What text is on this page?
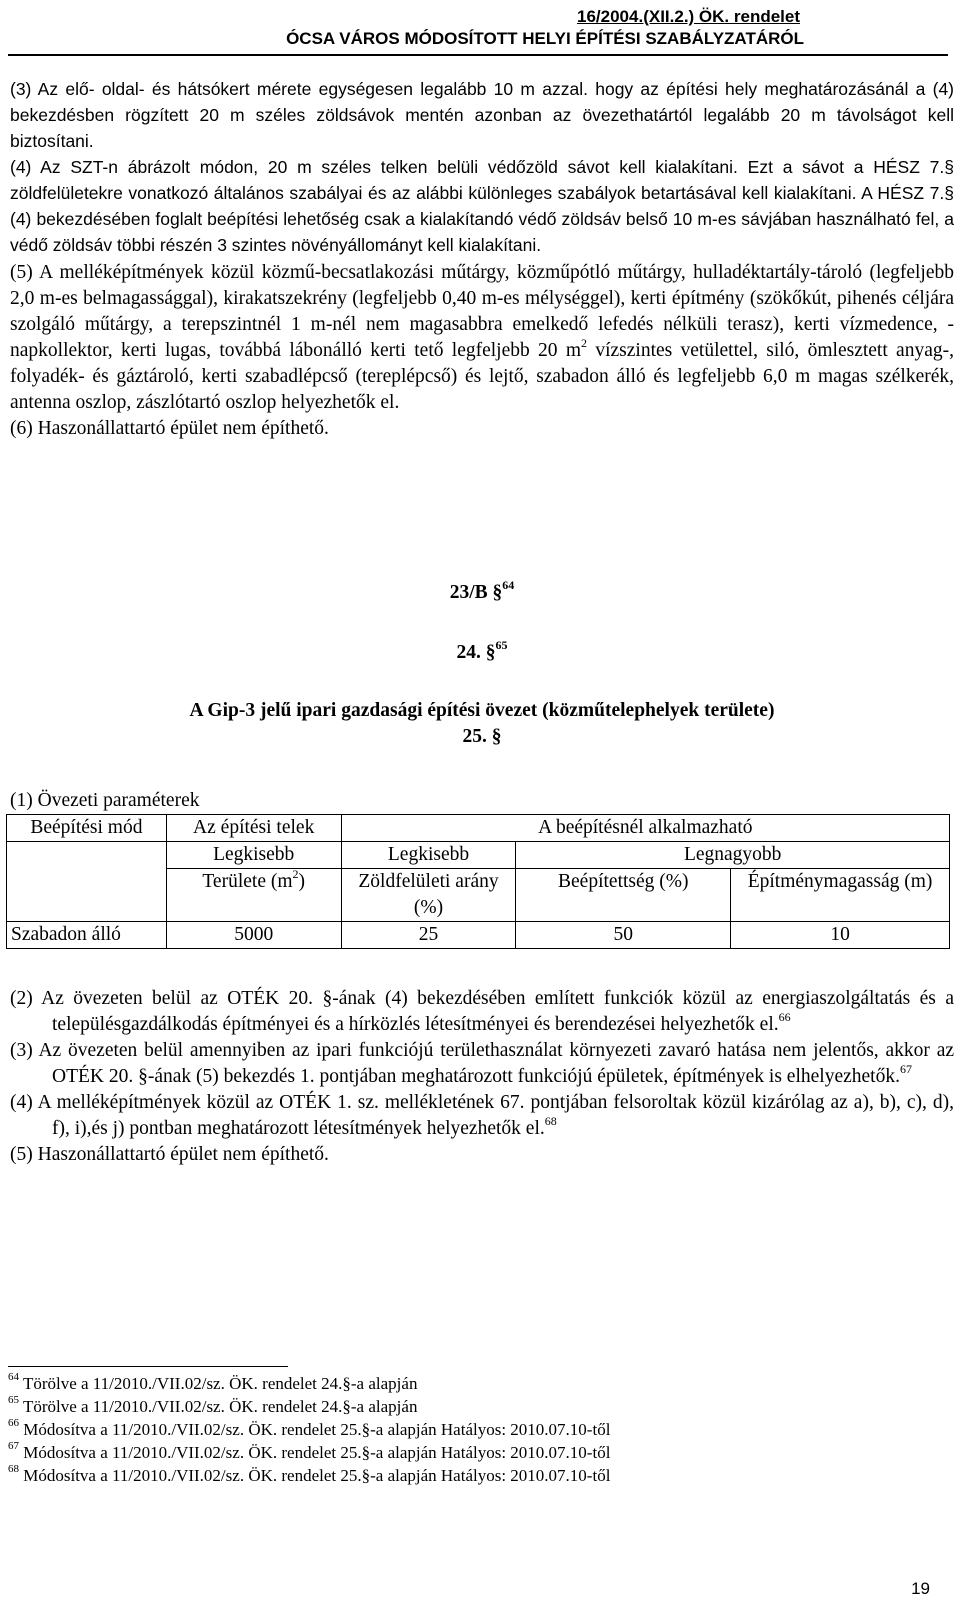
16/2004.(XII.2.) ÖK. rendelet
ÓCSA VÁROS MÓDOSÍTOTT HELYI ÉPÍTÉSI SZABÁLYZATÁRÓL

(3) Az elő- oldal- és hátsókert mérete egységesen legalább 10 m azzal. hogy az építési hely meghatározásánál a (4) bekezdésben rögzített 20 m széles zöldsávok mentén azonban az övezethatártól legalább 20 m távolságot kell biztosítani.

(4) Az SZT-n ábrázolt módon, 20 m széles telken belüli védőzöld sávot kell kialakítani. Ezt a sávot a HÉSZ 7.§ zöldfelületekre vonatkozó általános szabályai és az alábbi különleges szabályok betartásával kell kialakítani. A HÉSZ 7.§ (4) bekezdésében foglalt beépítési lehetőség csak a kialakítandó védő zöldsáv belső 10 m-es sávjában használható fel, a védő zöldsáv többi részén 3 szintes növényállományt kell kialakítani.

(5) A melléképítmények közül közmű-becsatlakozási műtárgy, közműpótló műtárgy, hulladéktartály-tároló (legfeljebb 2,0 m-es belmagassággal), kirakatszekrény (legfeljebb 0,40 m-es mélységgel), kerti építmény (szökőkút, pihenés céljára szolgáló műtárgy, a terepszintnél 1 m-nél nem magasabbra emelkedő lefedés nélküli terasz), kerti vízmedence, -napkollektor, kerti lugas, továbbá lábonálló kerti tető legfeljebb 20 $m^2$ vízszintes vetülettel, siló, ömlesztett anyag-, folyadék- és gáztároló, kerti szabadlépcső (tereplépcső) és lejtő, szabadon álló és legfeljebb 6,0 m magas szélkerék, antenna oszlop, zászlótartó oszlop helyezhetők el.

(6) Haszonállattartó épület nem építhető.

23/B §$^{64}$
24. §$^{65}$
A Gip-3 jelű ipari gazdasági építési övezet (közműtelephelyek területe)
25. §
(1) Övezeti paraméterek
Beépítési mód	Az építési telek	A beépítésnél alkalmazható		

	Legkisebb	Legkisebb	Legnagyobb	
	Területe $(m^2)$	Zöldfelületi arány (%)	Beépítettség (%)	Építménymagasság (m)

Szabadon álló	5000	25	50	10

(2) Az övezeten belül az OTÉK 20. §-ának (4) bekezdésében említett funkciók közül az energiaszolgáltatás és a településgazdálkodás építményei és a hírközlés létesítményei és berendezései helyezhetők el.$^{66}$

(3) Az övezeten belül amennyiben az ipari funkciójú területhasználat környezeti zavaró hatása nem jelentős, akkor az OTÉK 20. §-ának (5) bekezdés 1. pontjában meghatározott funkciójú épületek, építmények is elhelyezhetők.$^{67}$

(4) A melléképítmények közül az OTÉK 1. sz. mellékletének 67. pontjában felsoroltak közül kizárólag az a), b), c), d), f), i),és j) pontban meghatározott létesítmények helyezhetők el.$^{68}$

(5) Haszonállattartó épület nem építhető.

$^{64}$ Törölve a 11/2010./VII.02/sz. ÖK. rendelet 24.§-a alapján
$^{65}$ Törölve a 11/2010./VII.02/sz. ÖK. rendelet 24.§-a alapján
$^{66}$ Módosítva a 11/2010./VII.02/sz. ÖK. rendelet 25.§-a alapján Hatályos: 2010.07.10-től
$^{67}$ Módosítva a 11/2010./VII.02/sz. ÖK. rendelet 25.§-a alapján Hatályos: 2010.07.10-től
$^{68}$ Módosítva a 11/2010./VII.02/sz. ÖK. rendelet 25.§-a alapján Hatályos: 2010.07.10-től
19
